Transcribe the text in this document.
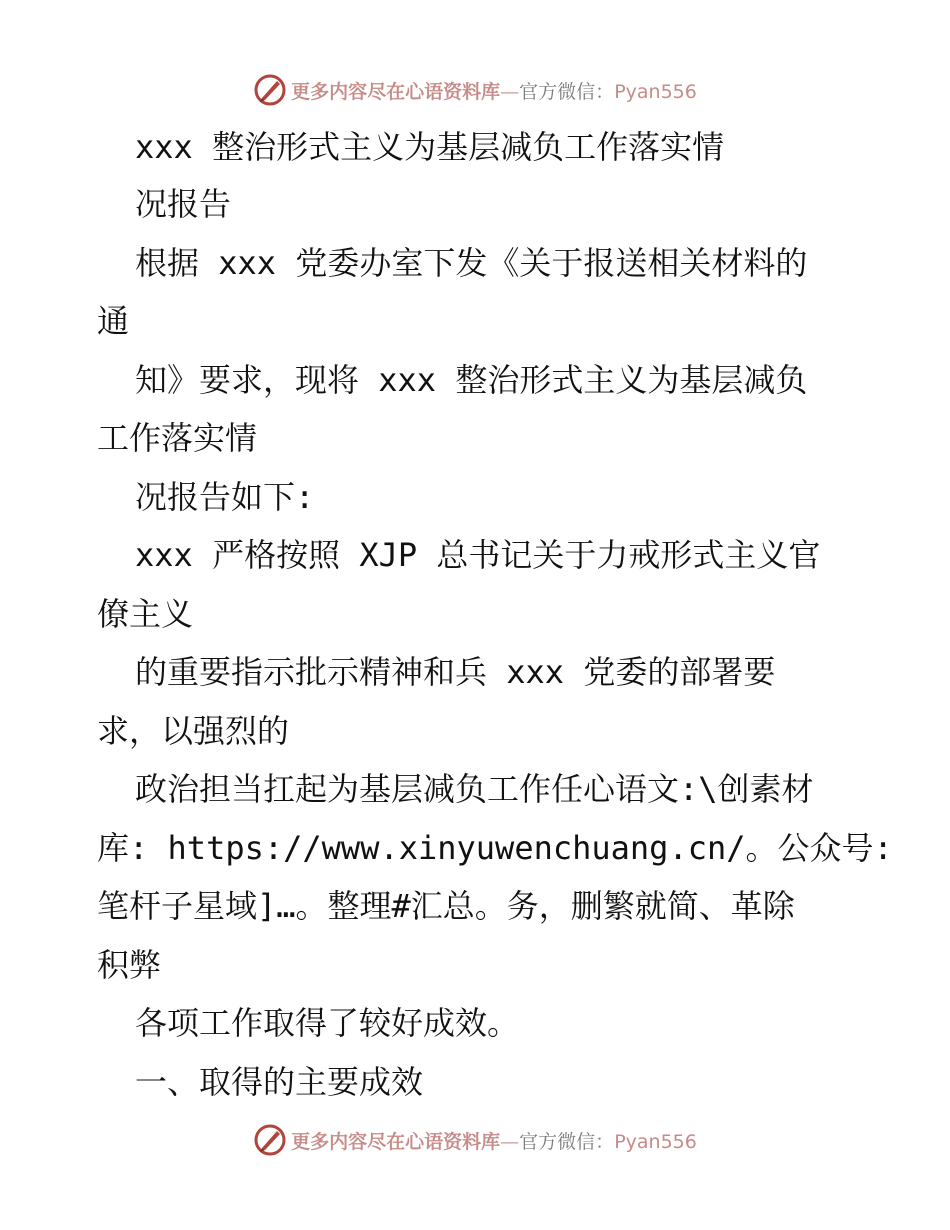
更多内容尽在心语资料库—官方微信：Pyan556
xxx 整治形式主义为基层减负工作落实情
况报告
根据 xxx 党委办室下发《关于报送相关材料的
通
知》要求，现将 xxx 整治形式主义为基层减负
工作落实情
况报告如下:
xxx 严格按照 XJP 总书记关于力戒形式主义官
僚主义
的重要指示批示精神和兵 xxx 党委的部署要
求，以强烈的
政治担当扛起为基层减负工作任心语文:\创素材
库: https://www.xinyuwenchuang.cn/。公众号:
笔杆子星域]…。整理#汇总。务，删繁就简、革除
积弊
各项工作取得了较好成效。
一、取得的主要成效
更多内容尽在心语资料库—官方微信：Pyan556
